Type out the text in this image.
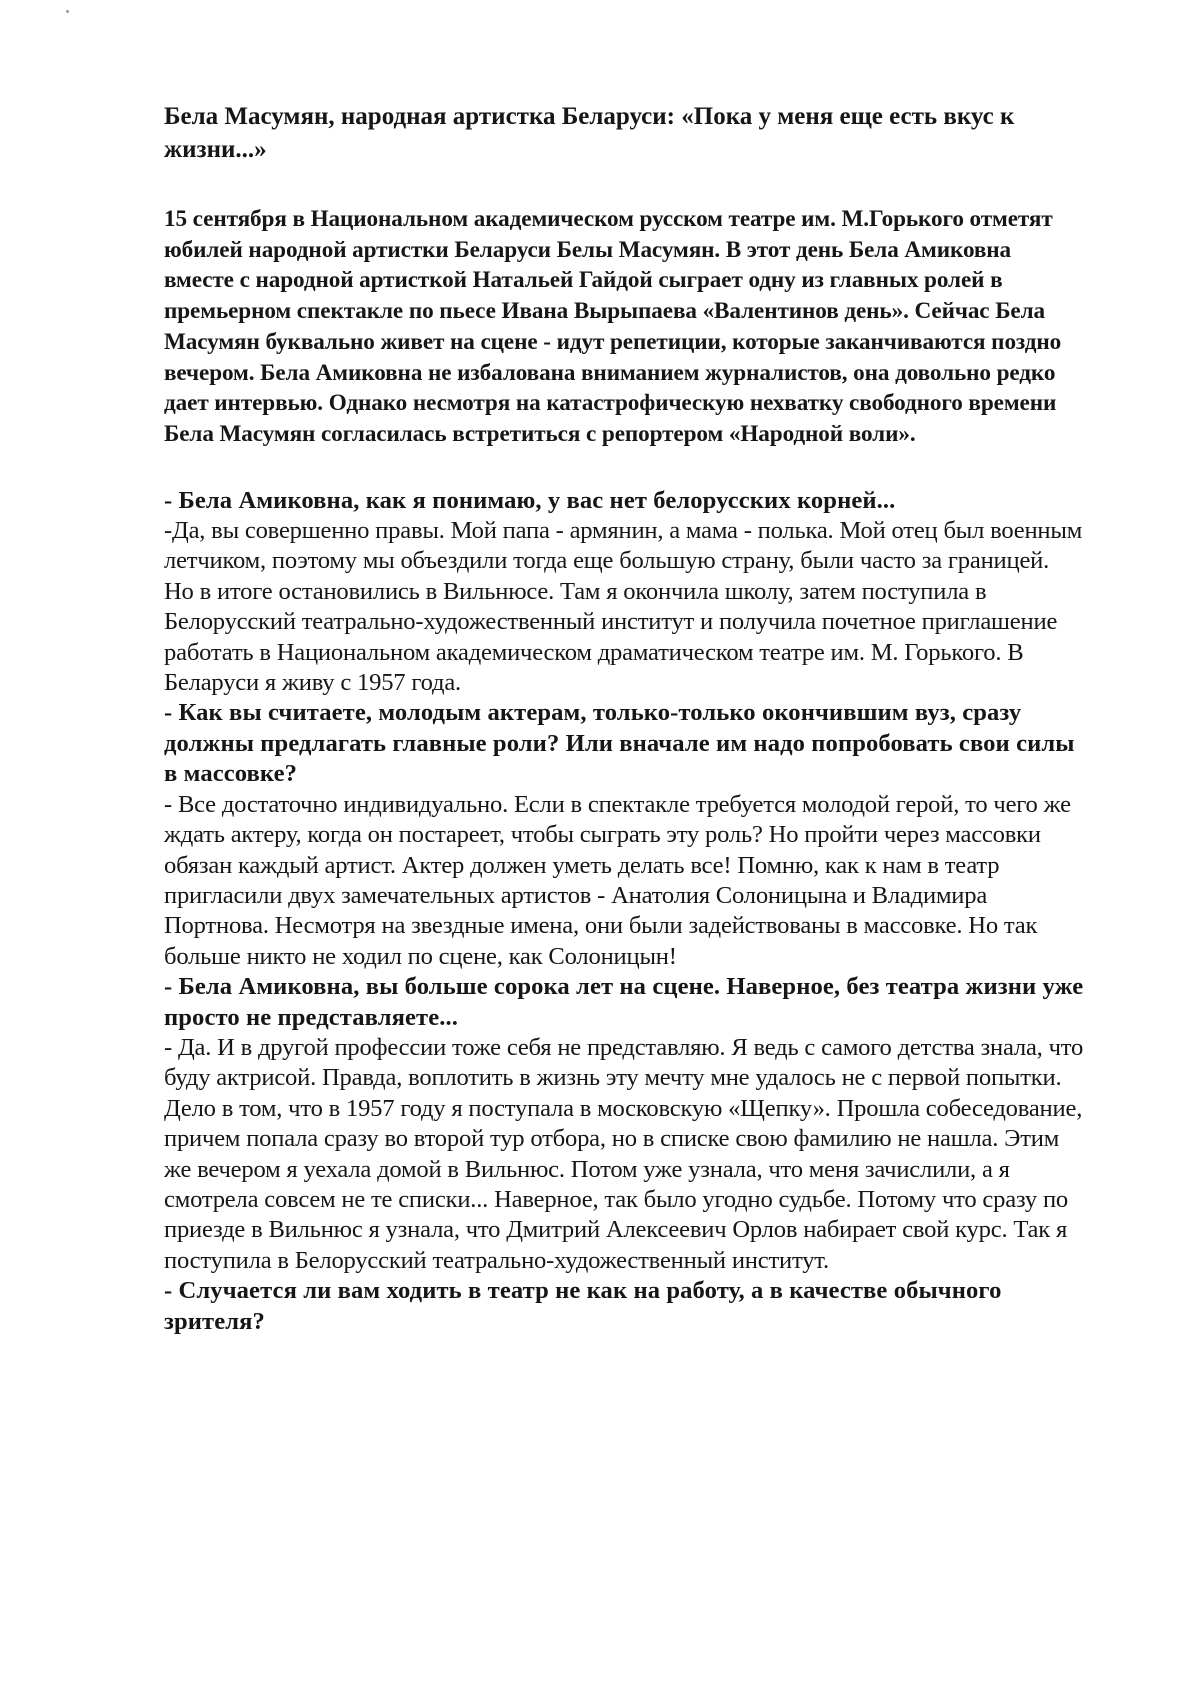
Бела Масумян, народная артистка Беларуси: «Пока у меня еще есть вкус к жизни...»

15 сентября в Национальном академическом русском театре им. М.Горького отметят юбилей народной артистки Беларуси Белы Масумян. В этот день Бела Амиковна вместе с народной артисткой Натальей Гайдой сыграет одну из главных ролей в премьерном спектакле по пьесе Ивана Вырыпаева «Валентинов день». Сейчас Бела Масумян буквально живет на сцене - идут репетиции, которые заканчиваются поздно вечером. Бела Амиковна не избалована вниманием журналистов, она довольно редко дает интервью. Однако несмотря на катастрофическую нехватку свободного времени Бела Масумян согласилась встретиться с репортером «Народной воли».

- Бела Амиковна, как я понимаю, у вас нет белорусских корней...

-Да, вы совершенно правы. Мой папа - армянин, а мама - полька. Мой отец был военным летчиком, поэтому мы объездили тогда еще большую страну, были часто за границей. Но в итоге остановились в Вильнюсе. Там я окончила школу, затем поступила в Белорусский театрально-художественный институт и получила почетное приглашение работать в Национальном академическом драматическом театре им. М. Горького. В Беларуси я живу с 1957 года.

- Как вы считаете, молодым актерам, только-только окончившим вуз, сразу должны предлагать главные роли? Или вначале им надо попробовать свои силы в массовке?

- Все достаточно индивидуально. Если в спектакле требуется молодой герой, то чего же ждать актеру, когда он постареет, чтобы сыграть эту роль? Но пройти через массовки обязан каждый артист. Актер должен уметь делать все! Помню, как к нам в театр пригласили двух замечательных артистов - Анатолия Солоницына и Владимира Портнова. Несмотря на звездные имена, они были задействованы в массовке. Но так больше никто не ходил по сцене, как Солоницын!

- Бела Амиковна, вы больше сорока лет на сцене. Наверное, без театра жизни уже просто не представляете...

- Да. И в другой профессии тоже себя не представляю. Я ведь с самого детства знала, что буду актрисой. Правда, воплотить в жизнь эту мечту мне удалось не с первой попытки. Дело в том, что в 1957 году я поступала в московскую «Щепку». Прошла собеседование, причем попала сразу во второй тур отбора, но в списке свою фамилию не нашла. Этим же вечером я уехала домой в Вильнюс. Потом уже узнала, что меня зачислили, а я смотрела совсем не те списки... Наверное, так было угодно судьбе. Потому что сразу по приезде в Вильнюс я узнала, что Дмитрий Алексеевич Орлов набирает свой курс. Так я поступила в Белорусский театрально-художественный институт.

- Случается ли вам ходить в театр не как на работу, а в качестве обычного зрителя?
